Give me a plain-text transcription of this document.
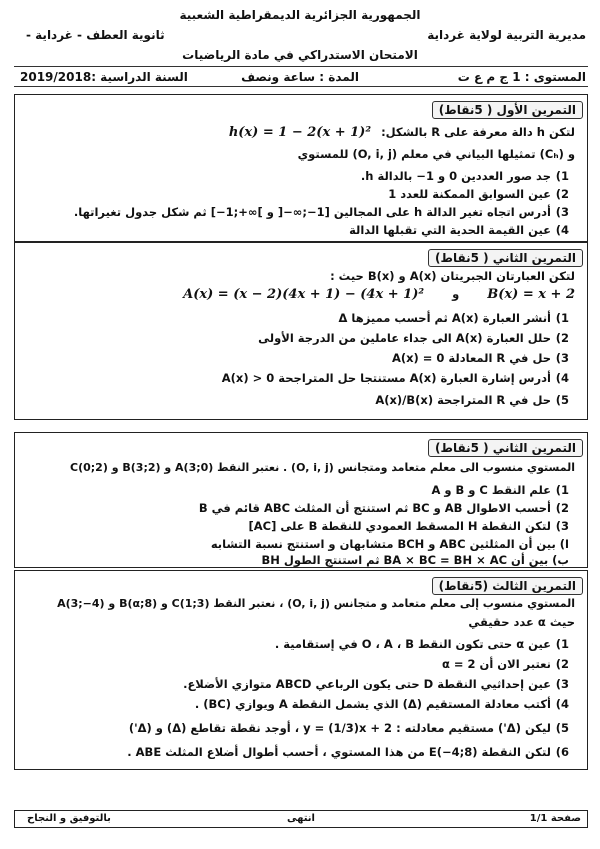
الجمهورية الجزائرية الديمقراطية الشعبية
مديرية التربية لولاية غرداية
ثانوية العطف - غرداية -
الامتحان الاستدراكي في مادة الرياضيات
المستوى : 1 ج م ع ت
المدة : ساعة ونصف
السنة الدراسية :2019/2018
التمرين الأول ( 5نقاط)
لتكن h دالة معرفة على R بالشكل: h(x) = 1 − 2(x + 1)²
و (Cₕ) تمثيلها البياني في معلم (O, i, j) للمستوي
1)جد صور العددين 0 و 1− بالدالة h.
2)عين السوابق الممكنة للعدد 1
3)أدرس اتجاه تغير الدالة h على المجالين [1−;∞−[ و ]∞+;1−] ثم شكل جدول تغيراتها.
4)عين القيمة الحدية التي تقبلها الدالة
التمرين الثاني ( 5نقاط)
لتكن العبارتان الجبريتان A(x) و B(x) حيث :
B(x) = x + 2 و A(x) = (x − 2)(4x + 1) − (4x + 1)²
1)أنشر العبارة A(x) ثم أحسب مميزها Δ
2)حلل العبارة A(x) الى جداء عاملين من الدرجة الأولى
3)حل في R المعادلة A(x) = 0
4)أدرس إشارة العبارة A(x) مستنتجا حل المتراجحة A(x) > 0
5)حل في R المتراجحة A(x)/B(x)
التمرين الثاني ( 5نقاط)
المستوي منسوب الى معلم متعامد ومتجانس (O, i, j) . نعتبر النقط A(3;0) و B(3;2) و C(0;2)
1)علم النقط C و B و A
2)أحسب الاطوال AB و BC ثم استنتج أن المثلث ABC قائم في B
3)لتكن النقطة H المسقط العمودي للنقطة B على [AC]
ا) بين أن المثلثين ABC و BCH متشابهان و استنتج نسبة التشابه
ب) بين أن BA × BC = BH × AC ثم استنتج الطول BH
التمرين الثالث (5نقاط)
المستوي منسوب إلى معلم متعامد و متجانس (O, i, j) ، نعتبر النقط C(1;3) و B(α;8) و A(3;−4)
حيث α عدد حقيقي
1)عين α حتى تكون النقط O ، A ، B في إستقامية .
2)نعتبر الان أن α = 2
3)عين إحداثيي النقطة D حتى يكون الرباعي ABCD متوازي الأضلاع.
4)أكتب معادلة المستقيم (Δ) الذي يشمل النقطة A ويوازي (BC) .
5)ليكن (Δ') مستقيم معادلته : y = (1/3)x + 2 ، أوجد نقطة تقاطع (Δ) و (Δ')
6)لتكن النقطة E(−4;8) من هذا المستوي ، أحسب أطوال أضلاع المثلث ABE .
صفحة 1/1
انتهى
بالتوفيق و النجاح
